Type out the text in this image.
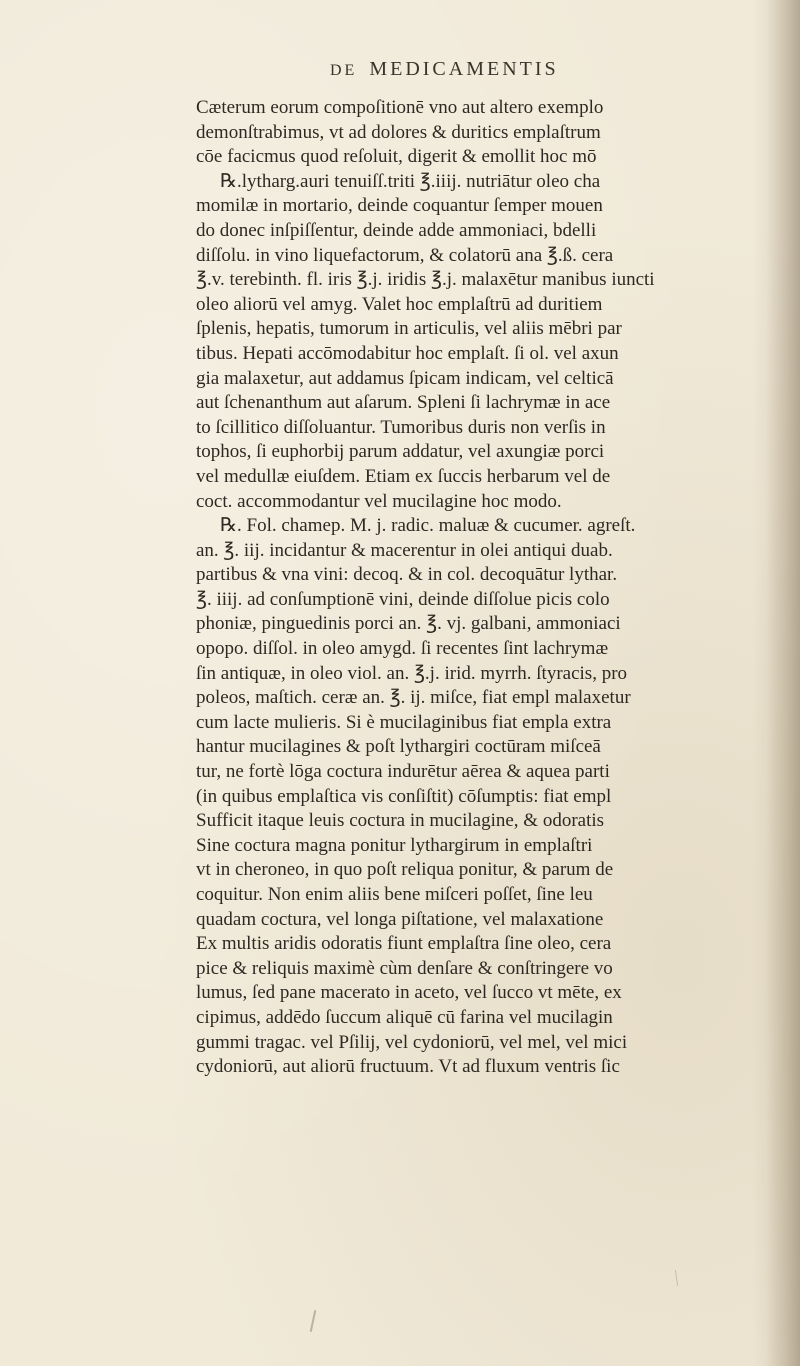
DE MEDICAMENTIS
Cæterum eorum compoſitionē vno aut altero exemplo
demonſtrabimus, vt ad dolores & duritics emplaſtrum
cōe facicmus quod reſoluit, digerit & emollit hoc mō
℞.lytharg.auri tenuiſſ.triti ℥.iiij. nutriātur oleo cha
momilæ in mortario, deinde coquantur ſemper mouen
do donec inſpiſſentur, deinde adde ammoniaci, bdelli
diſſolu. in vino liquefactorum, & colatorū ana ℥.ß. cera
℥.v. terebinth. fl. iris ℥.j. iridis ℥.j. malaxētur manibus iuncti
oleo aliorū vel amyg. Valet hoc emplaſtrū ad duritiem
ſplenis, hepatis, tumorum in articulis, vel aliis mēbri par
tibus. Hepati accōmodabitur hoc emplaſt. ſi ol. vel axun
gia malaxetur, aut addamus ſpicam indicam, vel celticā
aut ſchenanthum aut aſarum. Spleni ſi lachrymæ in ace
to ſcillitico diſſoluantur. Tumoribus duris non verſis in
tophos, ſi euphorbij parum addatur, vel axungiæ porci
vel medullæ eiuſdem. Etiam ex ſuccis herbarum vel de
coct. accommodantur vel mucilagine hoc modo.
℞. Fol. chamep. M. j. radic. maluæ & cucumer. agreſt.
an. ℥. iij. incidantur & macerentur in olei antiqui duab.
partibus & vna vini: decoq. & in col. decoquātur lythar.
℥. iiij. ad conſumptionē vini, deinde diſſolue picis colo
phoniæ, pinguedinis porci an. ℥. vj. galbani, ammoniaci
opopo. diſſol. in oleo amygd. ſi recentes ſint lachrymæ
ſin antiquæ, in oleo viol. an. ℥.j. irid. myrrh. ſtyracis, pro
poleos, maſtich. ceræ an. ℥. ij. miſce, fiat empl malaxetur
cum lacte mulieris. Si è mucilaginibus fiat empla extra
hantur mucilagines & poſt lythargiri coctūram miſceā
tur, ne fortè lōga coctura indurētur aērea & aquea parti
(in quibus emplaſtica vis conſiſtit) cōſumptis: fiat empl
Sufficit itaque leuis coctura in mucilagine, & odoratis
Sine coctura magna ponitur lythargirum in emplaſtri
vt in cheroneo, in quo poſt reliqua ponitur, & parum de
coquitur. Non enim aliis bene miſceri poſſet, ſine leu
quadam coctura, vel longa piſtatione, vel malaxatione
Ex multis aridis odoratis fiunt emplaſtra ſine oleo, cera
pice & reliquis maximè cùm denſare & conſtringere vo
lumus, ſed pane macerato in aceto, vel ſucco vt mēte, ex
cipimus, addēdo ſuccum aliquē cū farina vel mucilagin
gummi tragac. vel Pſilij, vel cydoniorū, vel mel, vel mici
cydoniorū, aut aliorū fructuum. Vt ad fluxum ventris ſic
